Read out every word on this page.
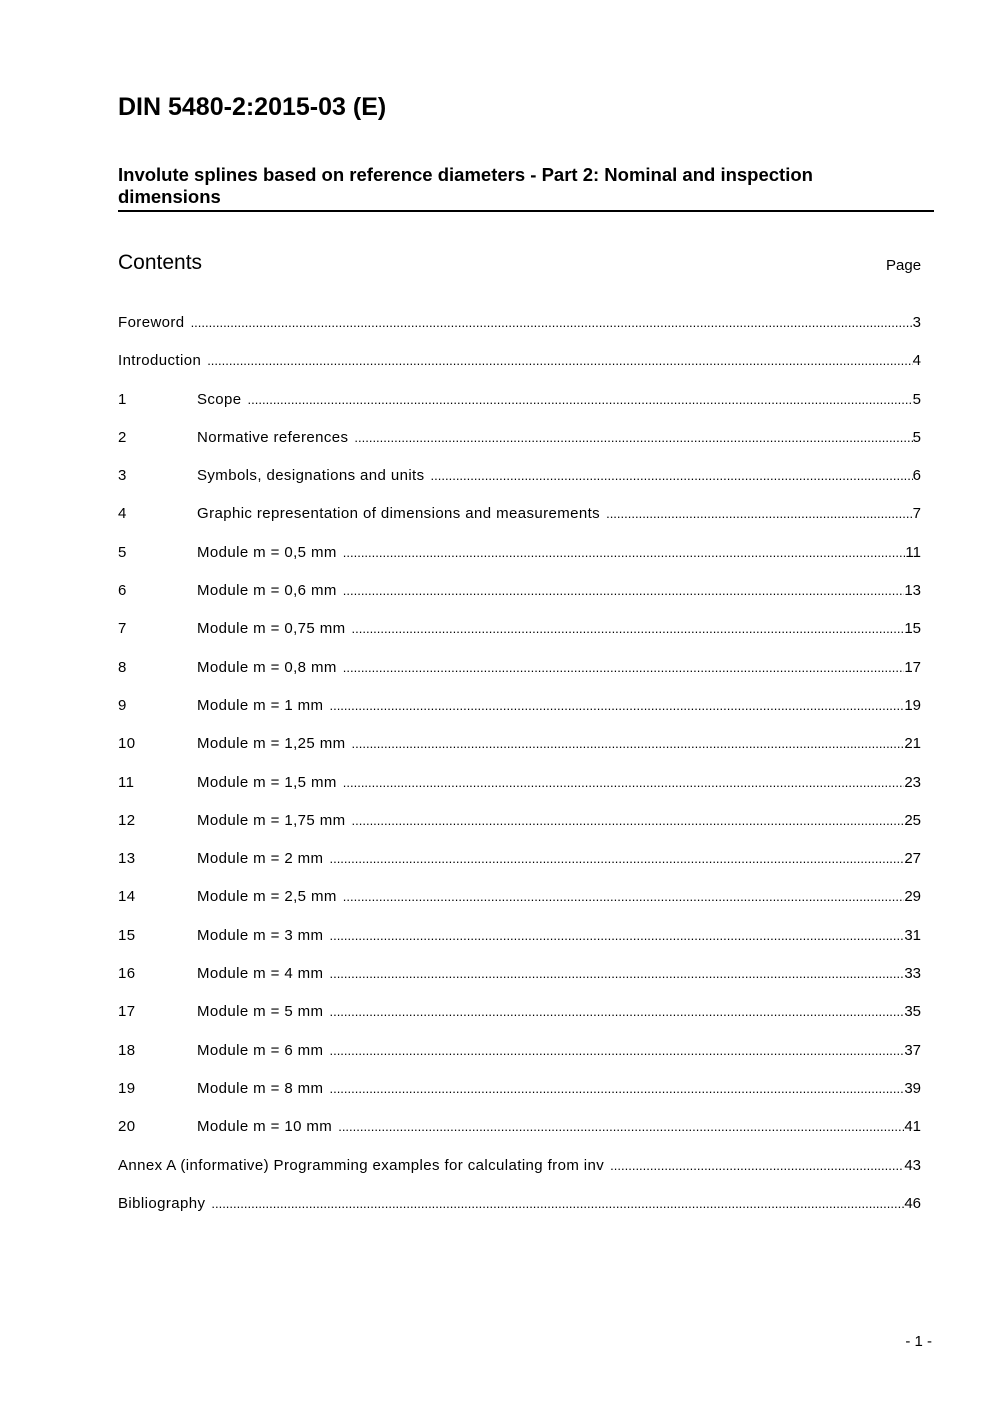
DIN 5480-2:2015-03 (E)
Involute splines based on reference diameters - Part 2: Nominal and inspection dimensions
Contents	Page
Foreword .....	3
Introduction .....	4
1	Scope .....	5
2	Normative references .....	5
3	Symbols, designations and units .....	6
4	Graphic representation of dimensions and measurements .....	7
5	Module m = 0,5 mm .....	11
6	Module m = 0,6 mm .....	13
7	Module m = 0,75 mm .....	15
8	Module m = 0,8 mm .....	17
9	Module m = 1 mm .....	19
10	Module m = 1,25 mm .....	21
11	Module m = 1,5 mm .....	23
12	Module m = 1,75 mm .....	25
13	Module m = 2 mm .....	27
14	Module m = 2,5 mm .....	29
15	Module m = 3 mm .....	31
16	Module m = 4 mm .....	33
17	Module m = 5 mm .....	35
18	Module m = 6 mm .....	37
19	Module m = 8 mm .....	39
20	Module m = 10 mm .....	41
Annex A (informative) Programming examples for calculating from inv .....	43
Bibliography .....	46
- 1 -
